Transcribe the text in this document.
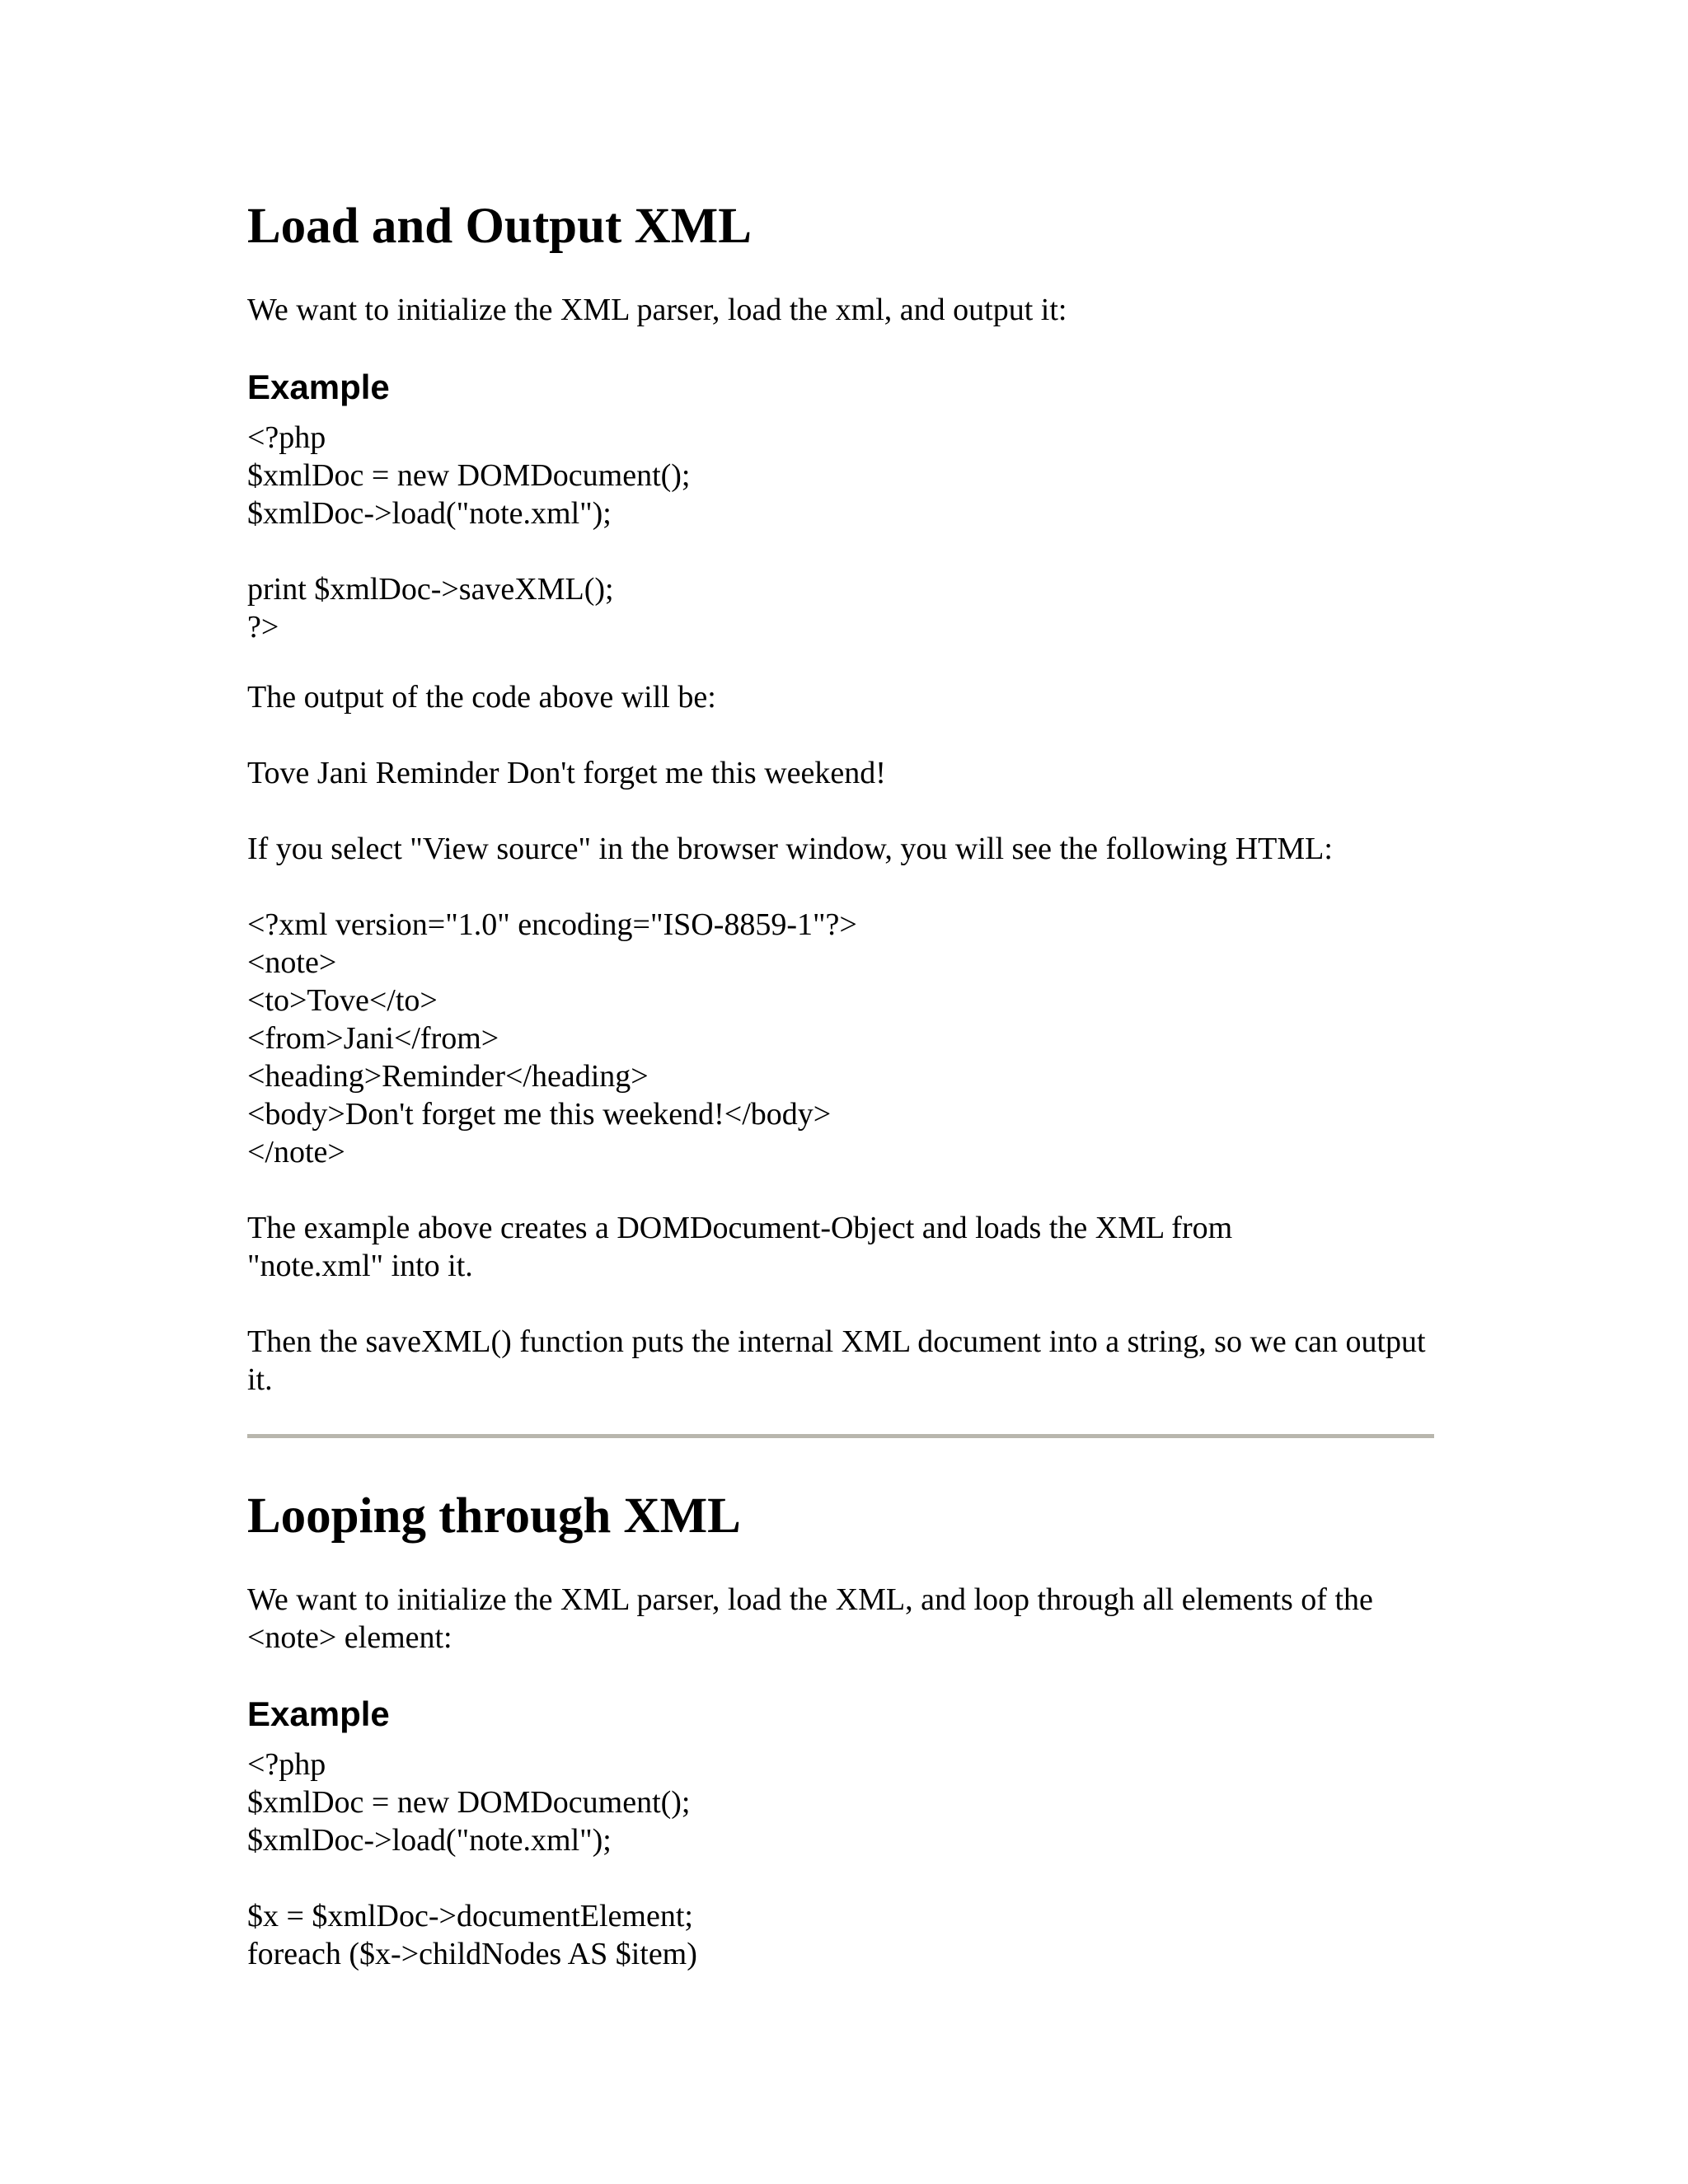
Load and Output XML

We want to initialize the XML parser, load the xml, and output it:

Example
<?php
$xmlDoc = new DOMDocument();
$xmlDoc->load("note.xml");
print $xmlDoc->saveXML();
?>

The output of the code above will be:

Tove Jani Reminder Don't forget me this weekend!

If you select "View source" in the browser window, you will see the following HTML:

<?xml version="1.0" encoding="ISO-8859-1"?>
<note>
<to>Tove</to>
<from>Jani</from>
<heading>Reminder</heading>
<body>Don't forget me this weekend!</body>
</note>

The example above creates a DOMDocument-Object and loads the XML from "note.xml" into it.

Then the saveXML() function puts the internal XML document into a string, so we can output it.

Looping through XML

We want to initialize the XML parser, load the XML, and loop through all elements of the <note> element:

Example
<?php
$xmlDoc = new DOMDocument();
$xmlDoc->load("note.xml");
$x = $xmlDoc->documentElement;
foreach ($x->childNodes AS $item)
